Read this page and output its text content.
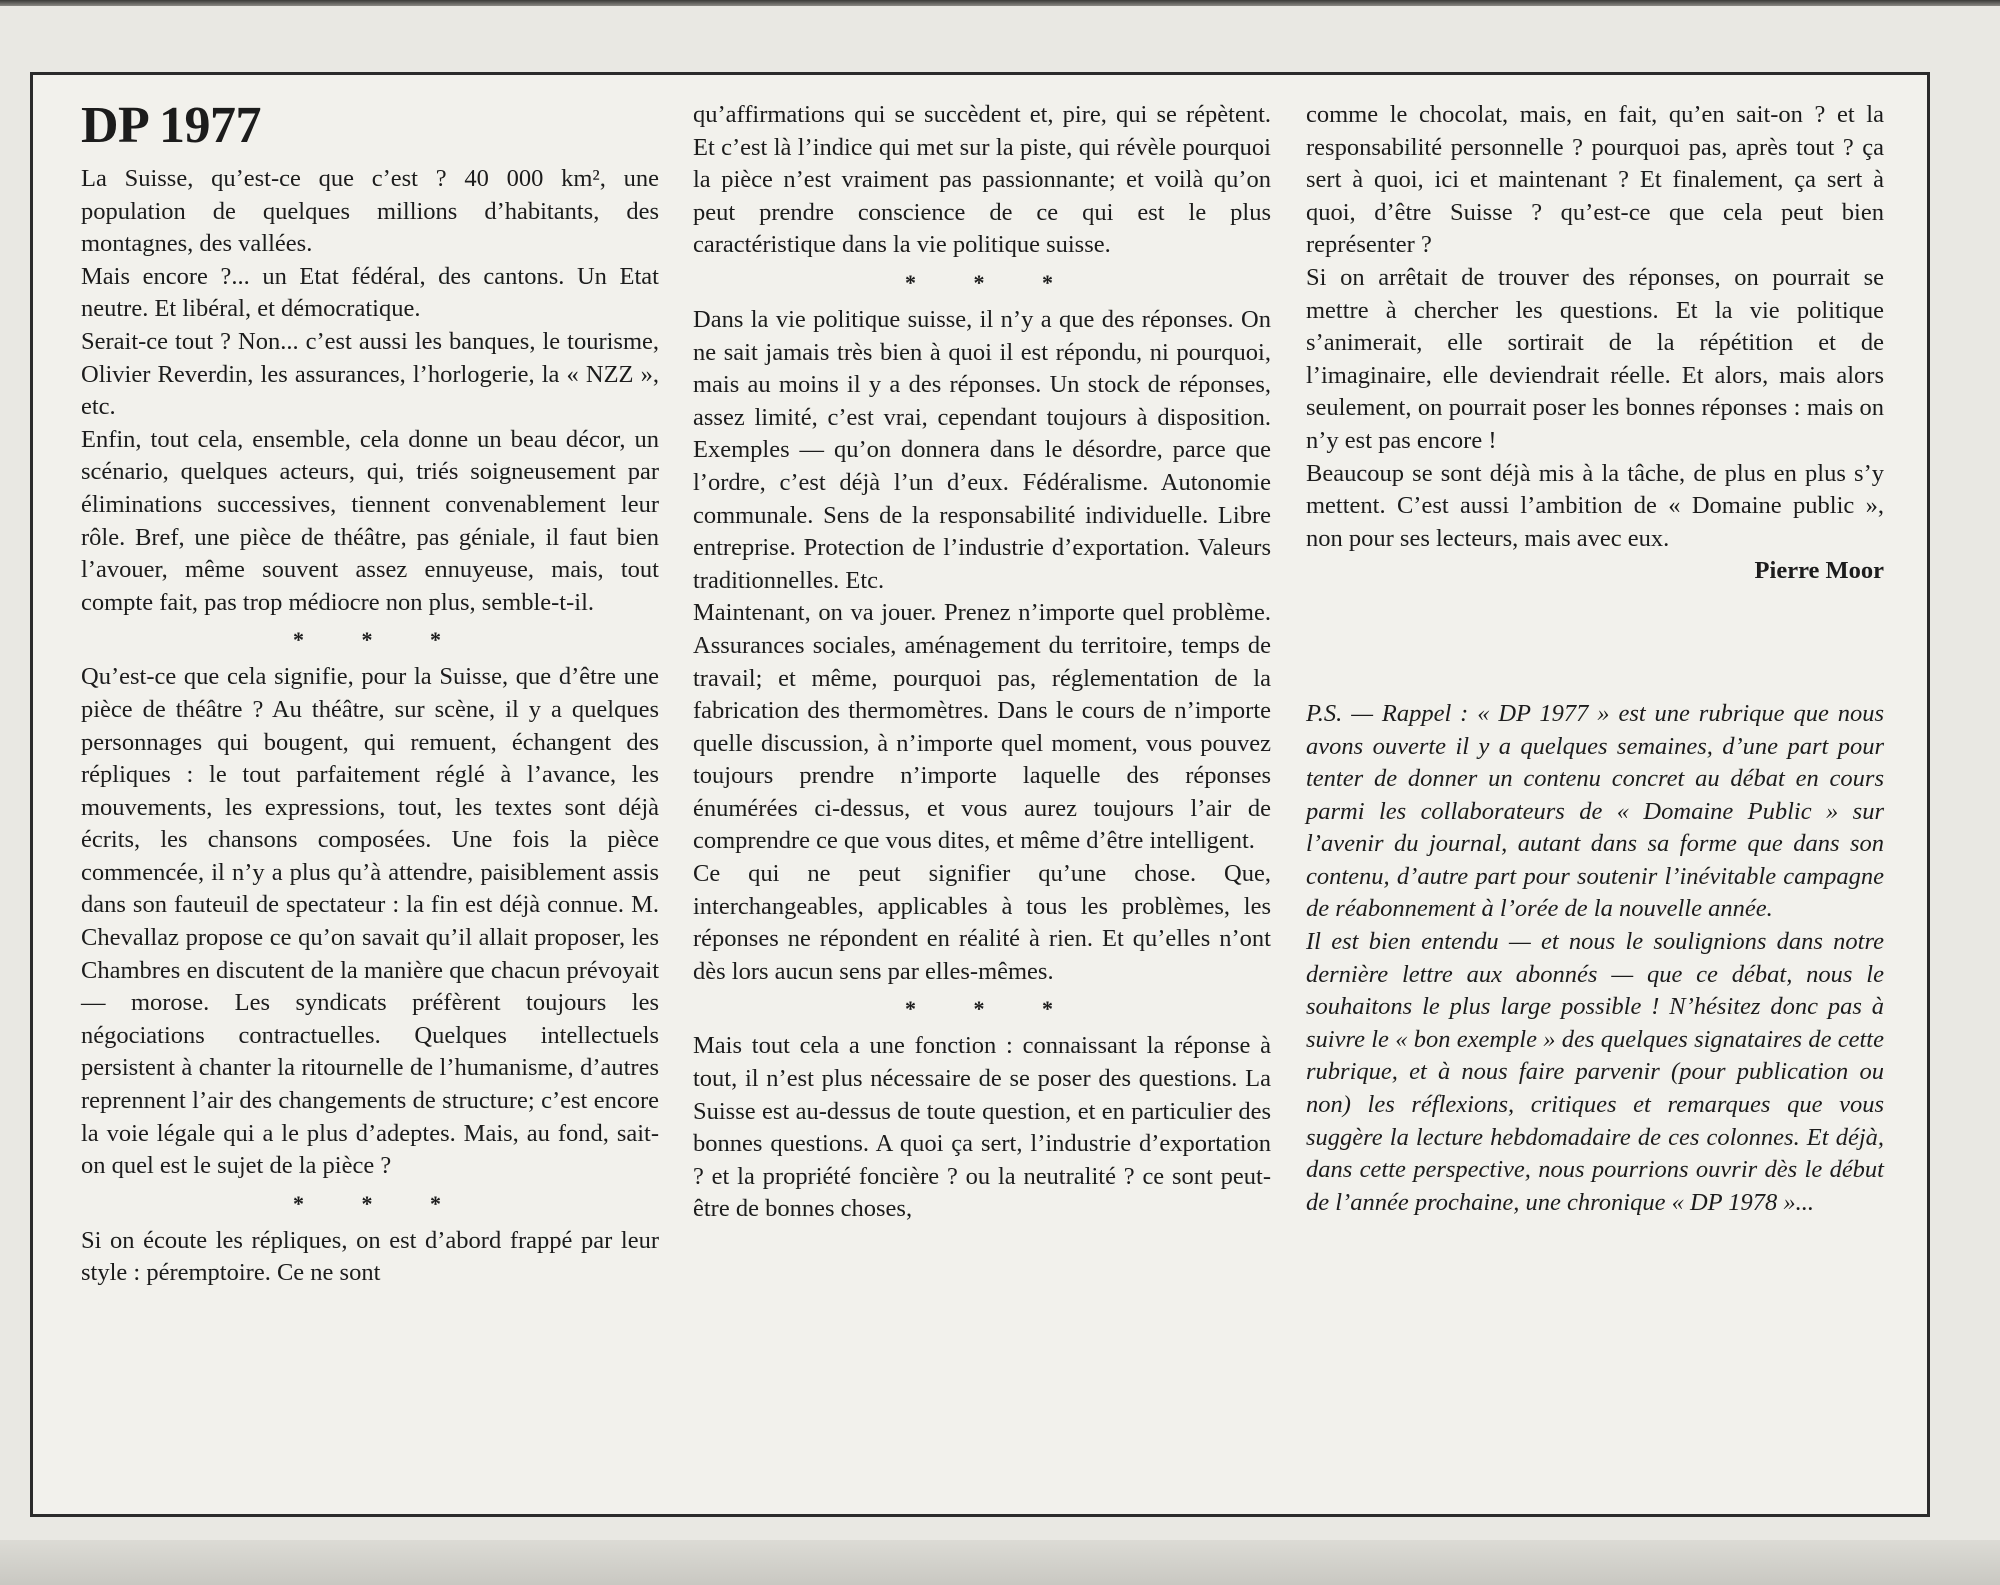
DP 1977

La Suisse, qu’est-ce que c’est ? 40 000 km², une population de quelques millions d’habitants, des montagnes, des vallées.

Mais encore ?... un Etat fédéral, des cantons. Un Etat neutre. Et libéral, et démocratique.

Serait-ce tout ? Non... c’est aussi les banques, le tourisme, Olivier Reverdin, les assurances, l’horlogerie, la « NZZ », etc.

Enfin, tout cela, ensemble, cela donne un beau décor, un scénario, quelques acteurs, qui, triés soigneusement par éliminations successives, tiennent convenablement leur rôle. Bref, une pièce de théâtre, pas géniale, il faut bien l’avouer, même souvent assez ennuyeuse, mais, tout compte fait, pas trop médiocre non plus, semble-t-il.

* * *

Qu’est-ce que cela signifie, pour la Suisse, que d’être une pièce de théâtre ? Au théâtre, sur scène, il y a quelques personnages qui bougent, qui remuent, échangent des répliques : le tout parfaitement réglé à l’avance, les mouvements, les expressions, tout, les textes sont déjà écrits, les chansons composées. Une fois la pièce commencée, il n’y a plus qu’à attendre, paisiblement assis dans son fauteuil de spectateur : la fin est déjà connue. M. Chevallaz propose ce qu’on savait qu’il allait proposer, les Chambres en discutent de la manière que chacun prévoyait — morose. Les syndicats préfèrent toujours les négociations contractuelles. Quelques intellectuels persistent à chanter la ritournelle de l’humanisme, d’autres reprennent l’air des changements de structure; c’est encore la voie légale qui a le plus d’adeptes. Mais, au fond, sait-on quel est le sujet de la pièce ?

* * *

Si on écoute les répliques, on est d’abord frappé par leur style : péremptoire. Ce ne sont

qu’affirmations qui se succèdent et, pire, qui se répètent. Et c’est là l’indice qui met sur la piste, qui révèle pourquoi la pièce n’est vraiment pas passionnante; et voilà qu’on peut prendre conscience de ce qui est le plus caractéristique dans la vie politique suisse.

* * *

Dans la vie politique suisse, il n’y a que des réponses. On ne sait jamais très bien à quoi il est répondu, ni pourquoi, mais au moins il y a des réponses. Un stock de réponses, assez limité, c’est vrai, cependant toujours à disposition. Exemples — qu’on donnera dans le désordre, parce que l’ordre, c’est déjà l’un d’eux. Fédéralisme. Autonomie communale. Sens de la responsabilité individuelle. Libre entreprise. Protection de l’industrie d’exportation. Valeurs traditionnelles. Etc.

Maintenant, on va jouer. Prenez n’importe quel problème. Assurances sociales, aménagement du territoire, temps de travail; et même, pourquoi pas, réglementation de la fabrication des thermomètres. Dans le cours de n’importe quelle discussion, à n’importe quel moment, vous pouvez toujours prendre n’importe laquelle des réponses énumérées ci-dessus, et vous aurez toujours l’air de comprendre ce que vous dites, et même d’être intelligent.

Ce qui ne peut signifier qu’une chose. Que, interchangeables, applicables à tous les problèmes, les réponses ne répondent en réalité à rien. Et qu’elles n’ont dès lors aucun sens par elles-mêmes.

* * *

Mais tout cela a une fonction : connaissant la réponse à tout, il n’est plus nécessaire de se poser des questions. La Suisse est au-dessus de toute question, et en particulier des bonnes questions. A quoi ça sert, l’industrie d’exportation ? et la propriété foncière ? ou la neutralité ? ce sont peut-être de bonnes choses,

comme le chocolat, mais, en fait, qu’en sait-on ? et la responsabilité personnelle ? pourquoi pas, après tout ? ça sert à quoi, ici et maintenant ? Et finalement, ça sert à quoi, d’être Suisse ? qu’est-ce que cela peut bien représenter ?

Si on arrêtait de trouver des réponses, on pourrait se mettre à chercher les questions. Et la vie politique s’animerait, elle sortirait de la répétition et de l’imaginaire, elle deviendrait réelle. Et alors, mais alors seulement, on pourrait poser les bonnes réponses : mais on n’y est pas encore !

Beaucoup se sont déjà mis à la tâche, de plus en plus s’y mettent. C’est aussi l’ambition de « Domaine public », non pour ses lecteurs, mais avec eux.

Pierre Moor

P.S. — Rappel : « DP 1977 » est une rubrique que nous avons ouverte il y a quelques semaines, d’une part pour tenter de donner un contenu concret au débat en cours parmi les collaborateurs de « Domaine Public » sur l’avenir du journal, autant dans sa forme que dans son contenu, d’autre part pour soutenir l’inévitable campagne de réabonnement à l’orée de la nouvelle année.

Il est bien entendu — et nous le soulignions dans notre dernière lettre aux abonnés — que ce débat, nous le souhaitons le plus large possible ! N’hésitez donc pas à suivre le « bon exemple » des quelques signataires de cette rubrique, et à nous faire parvenir (pour publication ou non) les réflexions, critiques et remarques que vous suggère la lecture hebdomadaire de ces colonnes. Et déjà, dans cette perspective, nous pourrions ouvrir dès le début de l’année prochaine, une chronique « DP 1978 »...
